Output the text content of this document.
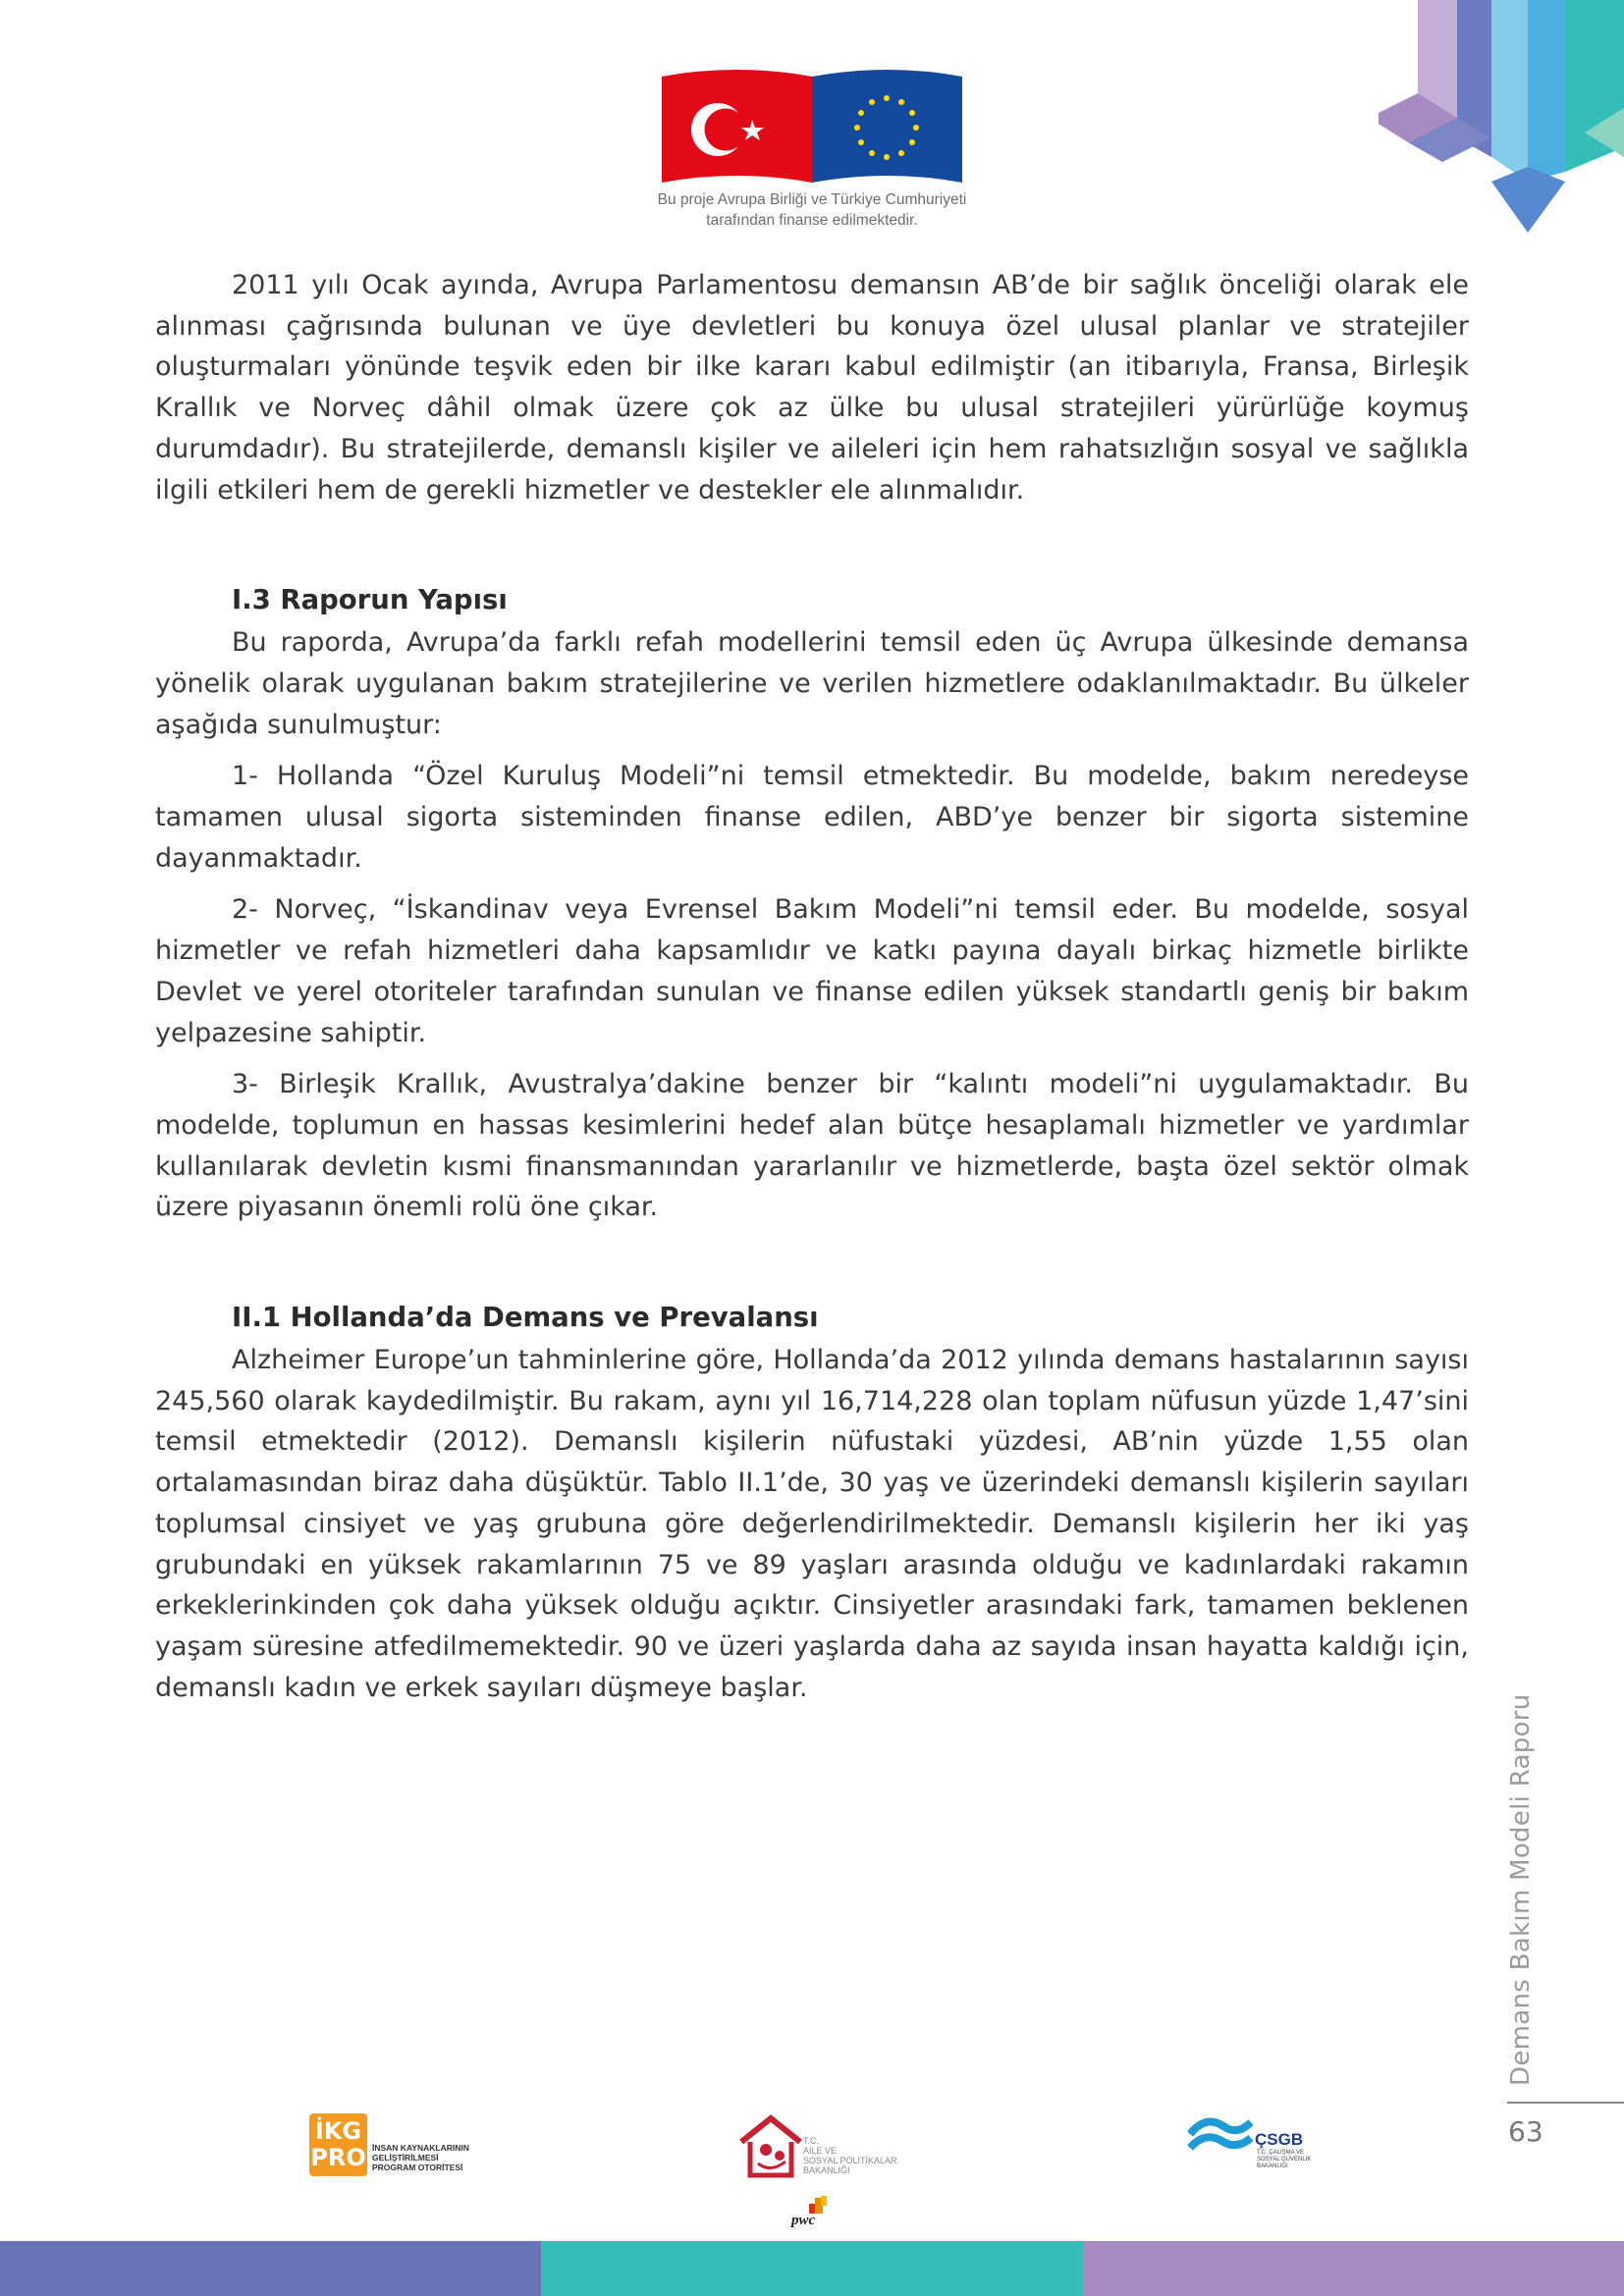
Bu proje Avrupa Birliği ve Türkiye Cumhuriyeti
tarafından finanse edilmektedir.

2011 yılı Ocak ayında, Avrupa Parlamentosu demansın AB’de bir sağlık önceliği olarak ele alınması çağrısında bulunan ve üye devletleri bu konuya özel ulusal planlar ve stratejiler oluşturmaları yönünde teşvik eden bir ilke kararı kabul edilmiştir (an itibarıyla, Fransa, Birleşik Krallık ve Norveç dâhil olmak üzere çok az ülke bu ulusal stratejileri yürürlüğe koymuş durumdadır). Bu stratejilerde, demanslı kişiler ve aileleri için hem rahatsızlığın sosyal ve sağlıkla ilgili etkileri hem de gerekli hizmetler ve destekler ele alınmalıdır.

I.3 Raporun Yapısı

Bu raporda, Avrupa’da farklı refah modellerini temsil eden üç Avrupa ülkesinde demansa yönelik olarak uygulanan bakım stratejilerine ve verilen hizmetlere odaklanılmaktadır. Bu ülkeler aşağıda sunulmuştur:

1- Hollanda “Özel Kuruluş Modeli”ni temsil etmektedir. Bu modelde, bakım neredeyse tamamen ulusal sigorta sisteminden finanse edilen, ABD’ye benzer bir sigorta sistemine dayanmaktadır.

2- Norveç, “İskandinav veya Evrensel Bakım Modeli”ni temsil eder. Bu modelde, sosyal hizmetler ve refah hizmetleri daha kapsamlıdır ve katkı payına dayalı birkaç hizmetle birlikte Devlet ve yerel otoriteler tarafından sunulan ve finanse edilen yüksek standartlı geniş bir bakım yelpazesine sahiptir.

3- Birleşik Krallık, Avustralya’dakine benzer bir “kalıntı modeli”ni uygulamaktadır. Bu modelde, toplumun en hassas kesimlerini hedef alan bütçe hesaplamalı hizmetler ve yardımlar kullanılarak devletin kısmi finansmanından yararlanılır ve hizmetlerde, başta özel sektör olmak üzere piyasanın önemli rolü öne çıkar.

II.1 Hollanda’da Demans ve Prevalansı

Alzheimer Europe’un tahminlerine göre, Hollanda’da 2012 yılında demans hastalarının sayısı 245,560 olarak kaydedilmiştir. Bu rakam, aynı yıl 16,714,228 olan toplam nüfusun yüzde 1,47’sini temsil etmektedir (2012). Demanslı kişilerin nüfustaki yüzdesi, AB’nin yüzde 1,55 olan ortalamasından biraz daha düşüktür. Tablo II.1’de, 30 yaş ve üzerindeki demanslı kişilerin sayıları toplumsal cinsiyet ve yaş grubuna göre değerlendirilmektedir. Demanslı kişilerin her iki yaş grubundaki en yüksek rakamlarının 75 ve 89 yaşları arasında olduğu ve kadınlardaki rakamın erkeklerinkinden çok daha yüksek olduğu açıktır. Cinsiyetler arasındaki fark, tamamen beklenen yaşam süresine atfedilmemektedir. 90 ve üzeri yaşlarda daha az sayıda insan hayatta kaldığı için, demanslı kadın ve erkek sayıları düşmeye başlar.

Demans Bakım Modeli Raporu
63
İKG
PRO İNSAN KAYNAKLARININ
GELİŞTİRİLMESİ
PROGRAM OTORİTESİ
T.C.
AİLE VE
SOSYAL POLİTİKALAR
BAKANLIĞI
pwc
ÇSGB
T.C. ÇALIŞMA VE
SOSYAL GÜVENLİK
BAKANLIĞI
